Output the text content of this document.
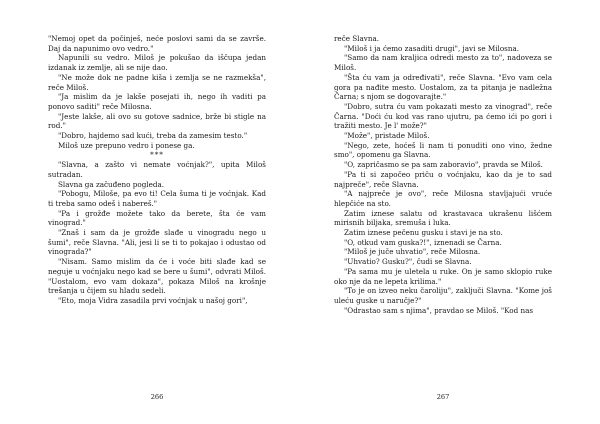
"Nemoj opet da počinješ, neće poslovi sami da se završe. Daj da napunimo ovo vedro."

Napunili su vedro. Miloš je pokušao da iščupa jedan izdanak iz zemlje, ali se nije dao.

"Ne može dok ne padne kiša i zemlja se ne razmekša", reče Miloš.

"Ja mislim da je lakše posejati ih, nego ih vaditi pa ponovo saditi" reče Milosna.

"Jeste lakše, ali ovo su gotove sadnice, brže bi stigle na rod."

"Dobro, hajdemo sad kući, treba da zamesim testo."

Miloš uze prepuno vedro i ponese ga.

***

"Slavna, a zašto vi nemate voćnjak?", upita Miloš sutradan.

Slavna ga začuđeno pogleda.

"Pobogu, Miloše, pa evo ti! Cela šuma ti je voćnjak. Kad ti treba samo odeš i nabereš."

"Pa i grožđe možete tako da berete, šta će vam vinograd."

"Znaš i sam da je grožđe slađe u vinogradu nego u šumi", reče Slavna. "Ali, jesi li se ti to pokajao i odustao od vinograda?"

"Nisam. Samo mislim da će i voće biti slađe kad se neguje u voćnjaku nego kad se bere u šumi", odvrati Miloš. "Uostalom, evo vam dokaza", pokaza Miloš na krošnje trešanja u čijem su hladu sedeli.

"Eto, moja Vidra zasadila prvi voćnjak u našoj gori",

266

reče Slavna.

"Miloš i ja ćemo zasaditi drugi", javi se Milosna.

"Samo da nam kraljica odredi mesto za to", nadoveza se Miloš.

"Šta ću vam ja određivati", reče Slavna. "Evo vam cela gora pa nađite mesto. Uostalom, za ta pitanja je nadležna Čarna; s njom se dogovarajte."

"Dobro, sutra ću vam pokazati mesto za vinograd", reče Čarna. "Doći ću kod vas rano ujutru, pa ćemo ići po gori i tražiti mesto. Je l' može?"

"Može", pristade Miloš.

"Nego, zete, hoćeš li nam ti ponuditi ono vino, žedne smo", opomenu ga Slavna.

"O, zapričasmo se pa sam zaboravio", pravda se Miloš.

"Pa ti si započeo priču o voćnjaku, kao da je to sad najpreče", reče Slavna.

"A najpreče je ovo", reče Milosna stavljajući vruće hlepčiće na sto.

Zatim iznese salatu od krastavaca ukrašenu lišćem mirisnih biljaka, sremuša i luka.

Zatim iznese pečenu gusku i stavi je na sto.

"O, otkud vam guska?!", iznenadi se Čarna.

"Miloš je juče uhvatio", reče Milosna.

"Uhvatio? Gusku?", čudi se Slavna.

"Pa sama mu je uletela u ruke. On je samo sklopio ruke oko nje da ne lepeta krilima."

"To je on izveo neku čaroliju", zaključi Slavna. "Kome još uleću guske u naručje?"

"Odrastao sam s njima", pravdao se Miloš. "Kod nas

267
